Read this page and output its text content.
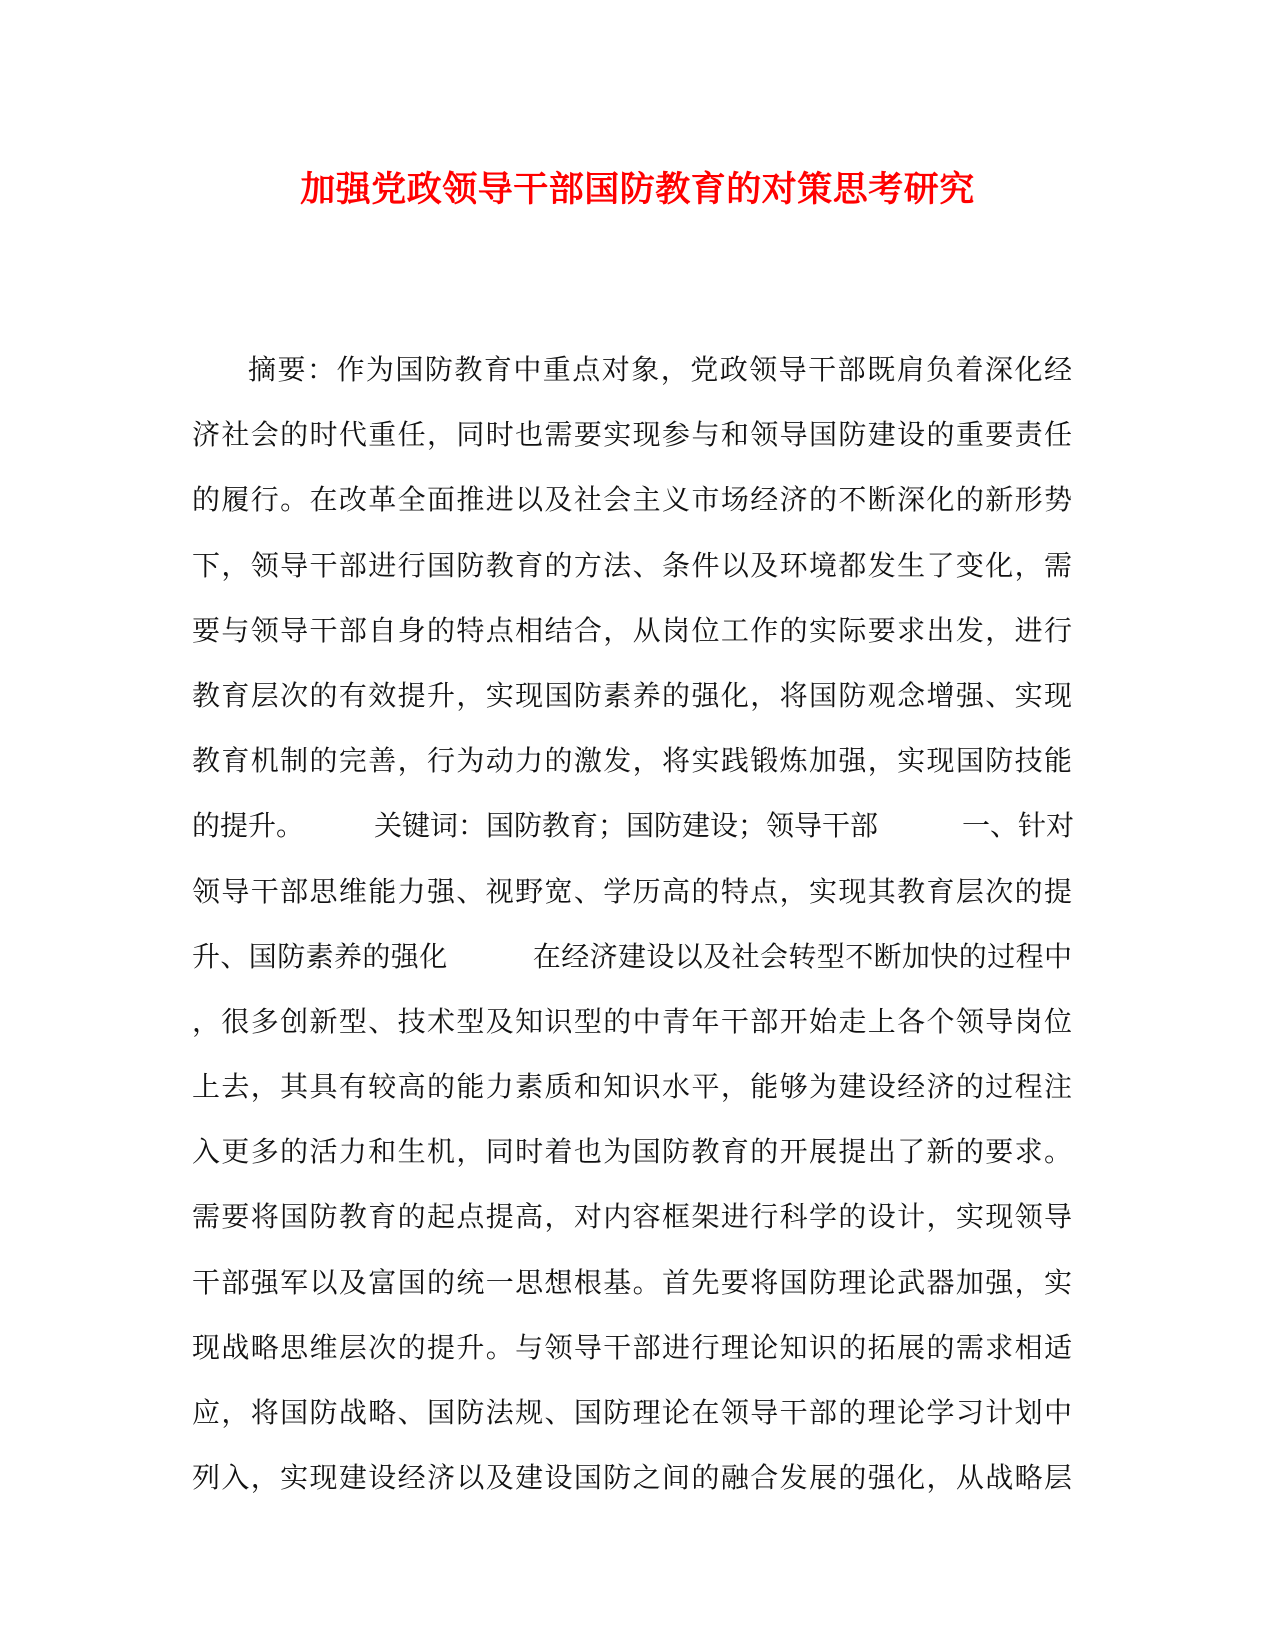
加强党政领导干部国防教育的对策思考研究
摘要：作为国防教育中重点对象，党政领导干部既肩负着深化经
济社会的时代重任，同时也需要实现参与和领导国防建设的重要责任
的履行。在改革全面推进以及社会主义市场经济的不断深化的新形势
下，领导干部进行国防教育的方法、条件以及环境都发生了变化，需
要与领导干部自身的特点相结合，从岗位工作的实际要求出发，进行
教育层次的有效提升，实现国防素养的强化，将国防观念增强、实现
教育机制的完善，行为动力的激发，将实践锻炼加强，实现国防技能
的提升。　　　关键词：国防教育；国防建设；领导干部　　　一、针对
领导干部思维能力强、视野宽、学历高的特点，实现其教育层次的提
升、国防素养的强化　　　在经济建设以及社会转型不断加快的过程中
，很多创新型、技术型及知识型的中青年干部开始走上各个领导岗位
上去，其具有较高的能力素质和知识水平，能够为建设经济的过程注
入更多的活力和生机，同时着也为国防教育的开展提出了新的要求。
需要将国防教育的起点提高，对内容框架进行科学的设计，实现领导
干部强军以及富国的统一思想根基。首先要将国防理论武器加强，实
现战略思维层次的提升。与领导干部进行理论知识的拓展的需求相适
应，将国防战略、国防法规、国防理论在领导干部的理论学习计划中
列入，实现建设经济以及建设国防之间的融合发展的强化，从战略层
